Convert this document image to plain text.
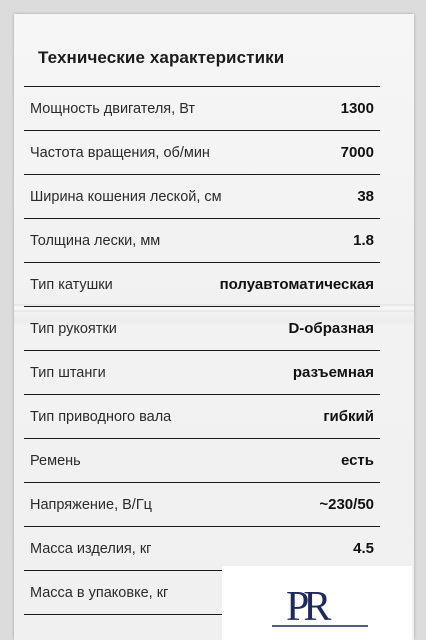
Технические характеристики
Мощность двигателя, Вт	1300
Частота вращения, об/мин	7000
Ширина кошения леской, см	38
Толщина лески, мм	1.8
Тип катушки	полуавтоматическая
Тип рукоятки	D-образная
Тип штанги	разъемная
Тип приводного вала	гибкий
Ремень	есть
Напряжение, В/Гц	~230/50
Масса изделия, кг	4.5
Масса в упаковке, кг	PR
